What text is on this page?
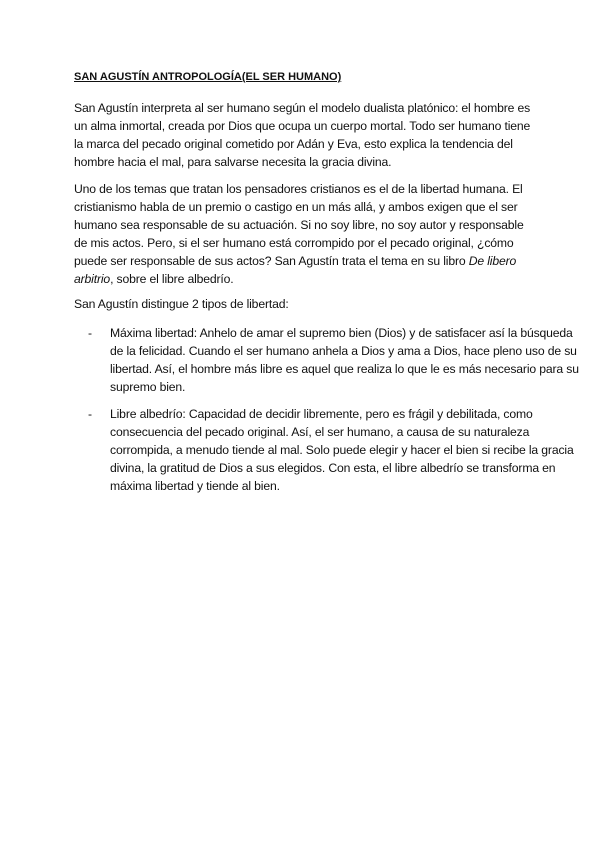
SAN AGUSTÍN ANTROPOLOGÍA(EL SER HUMANO)

San Agustín interpreta al ser humano según el modelo dualista platónico: el hombre es un alma inmortal, creada por Dios que ocupa un cuerpo mortal. Todo ser humano tiene la marca del pecado original cometido por Adán y Eva, esto explica la tendencia del hombre hacia el mal, para salvarse necesita la gracia divina.

Uno de los temas que tratan los pensadores cristianos es el de la libertad humana. El cristianismo habla de un premio o castigo en un más allá, y ambos exigen que el ser humano sea responsable de su actuación. Si no soy libre, no soy autor y responsable de mis actos. Pero, si el ser humano está corrompido por el pecado original, ¿cómo puede ser responsable de sus actos? San Agustín trata el tema en su libro De libero arbitrio, sobre el libre albedrío.

San Agustín distingue 2 tipos de libertad:

- Máxima libertad: Anhelo de amar el supremo bien (Dios) y de satisfacer así la búsqueda de la felicidad. Cuando el ser humano anhela a Dios y ama a Dios, hace pleno uso de su libertad. Así, el hombre más libre es aquel que realiza lo que le es más necesario para su supremo bien.
- Libre albedrío: Capacidad de decidir libremente, pero es frágil y debilitada, como consecuencia del pecado original. Así, el ser humano, a causa de su naturaleza corrompida, a menudo tiende al mal. Solo puede elegir y hacer el bien si recibe la gracia divina, la gratitud de Dios a sus elegidos. Con esta, el libre albedrío se transforma en máxima libertad y tiende al bien.
